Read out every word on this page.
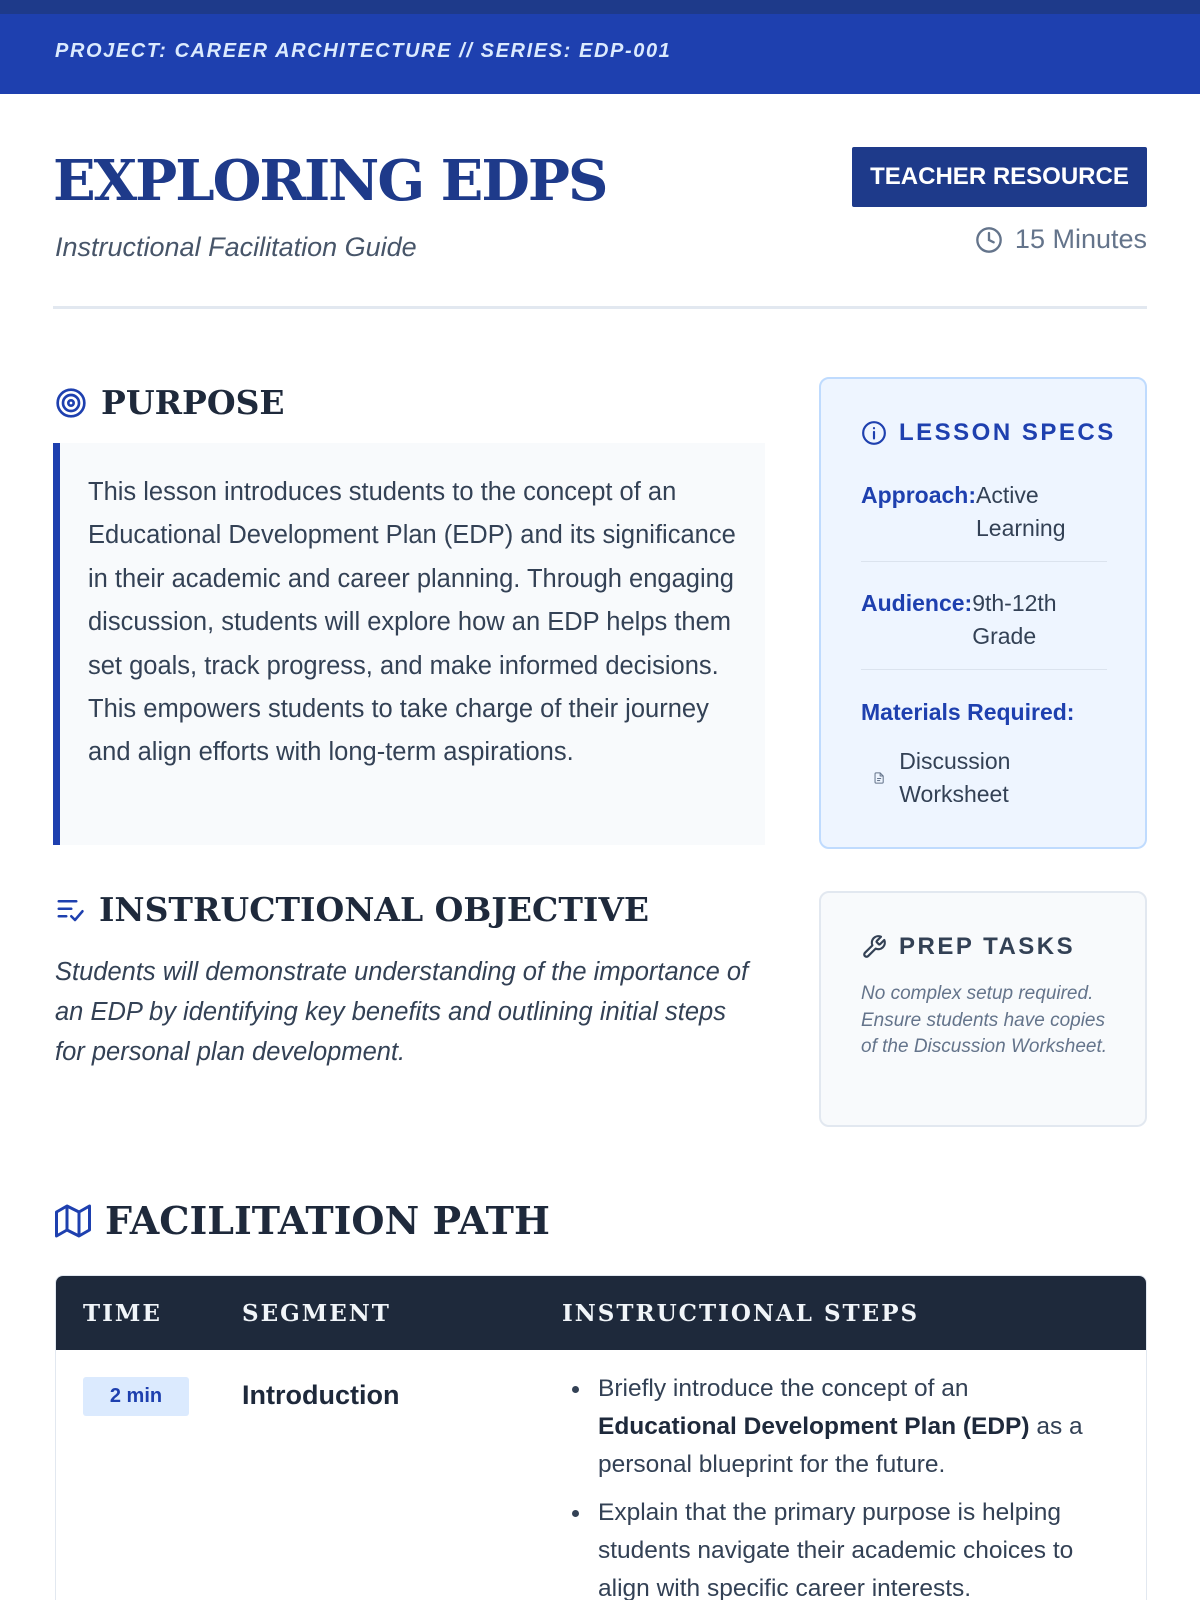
PROJECT: CAREER ARCHITECTURE // SERIES: EDP-001
EXPLORING EDPS
Instructional Facilitation Guide
TEACHER RESOURCE
15 Minutes
PURPOSE

This lesson introduces students to the concept of an Educational Development Plan (EDP) and its significance in their academic and career planning. Through engaging discussion, students will explore how an EDP helps them set goals, track progress, and make informed decisions. This empowers students to take charge of their journey and align efforts with long-term aspirations.

INSTRUCTIONAL OBJECTIVE

Students will demonstrate understanding of the importance of an EDP by identifying key benefits and outlining initial steps for personal plan development.

LESSON SPECS
Approach: Active Learning
Audience: 9th-12th Grade
Materials Required:
Discussion Worksheet
PREP TASKS

No complex setup required. Ensure students have copies of the Discussion Worksheet.

FACILITATION PATH
TIME	SEGMENT	INSTRUCTIONAL STEPS
2 min	Introduction	Briefly introduce the concept of an Educational Development Plan (EDP) as a personal blueprint for the future.
Explain that the primary purpose is helping students navigate their academic choices to align with specific career interests.
